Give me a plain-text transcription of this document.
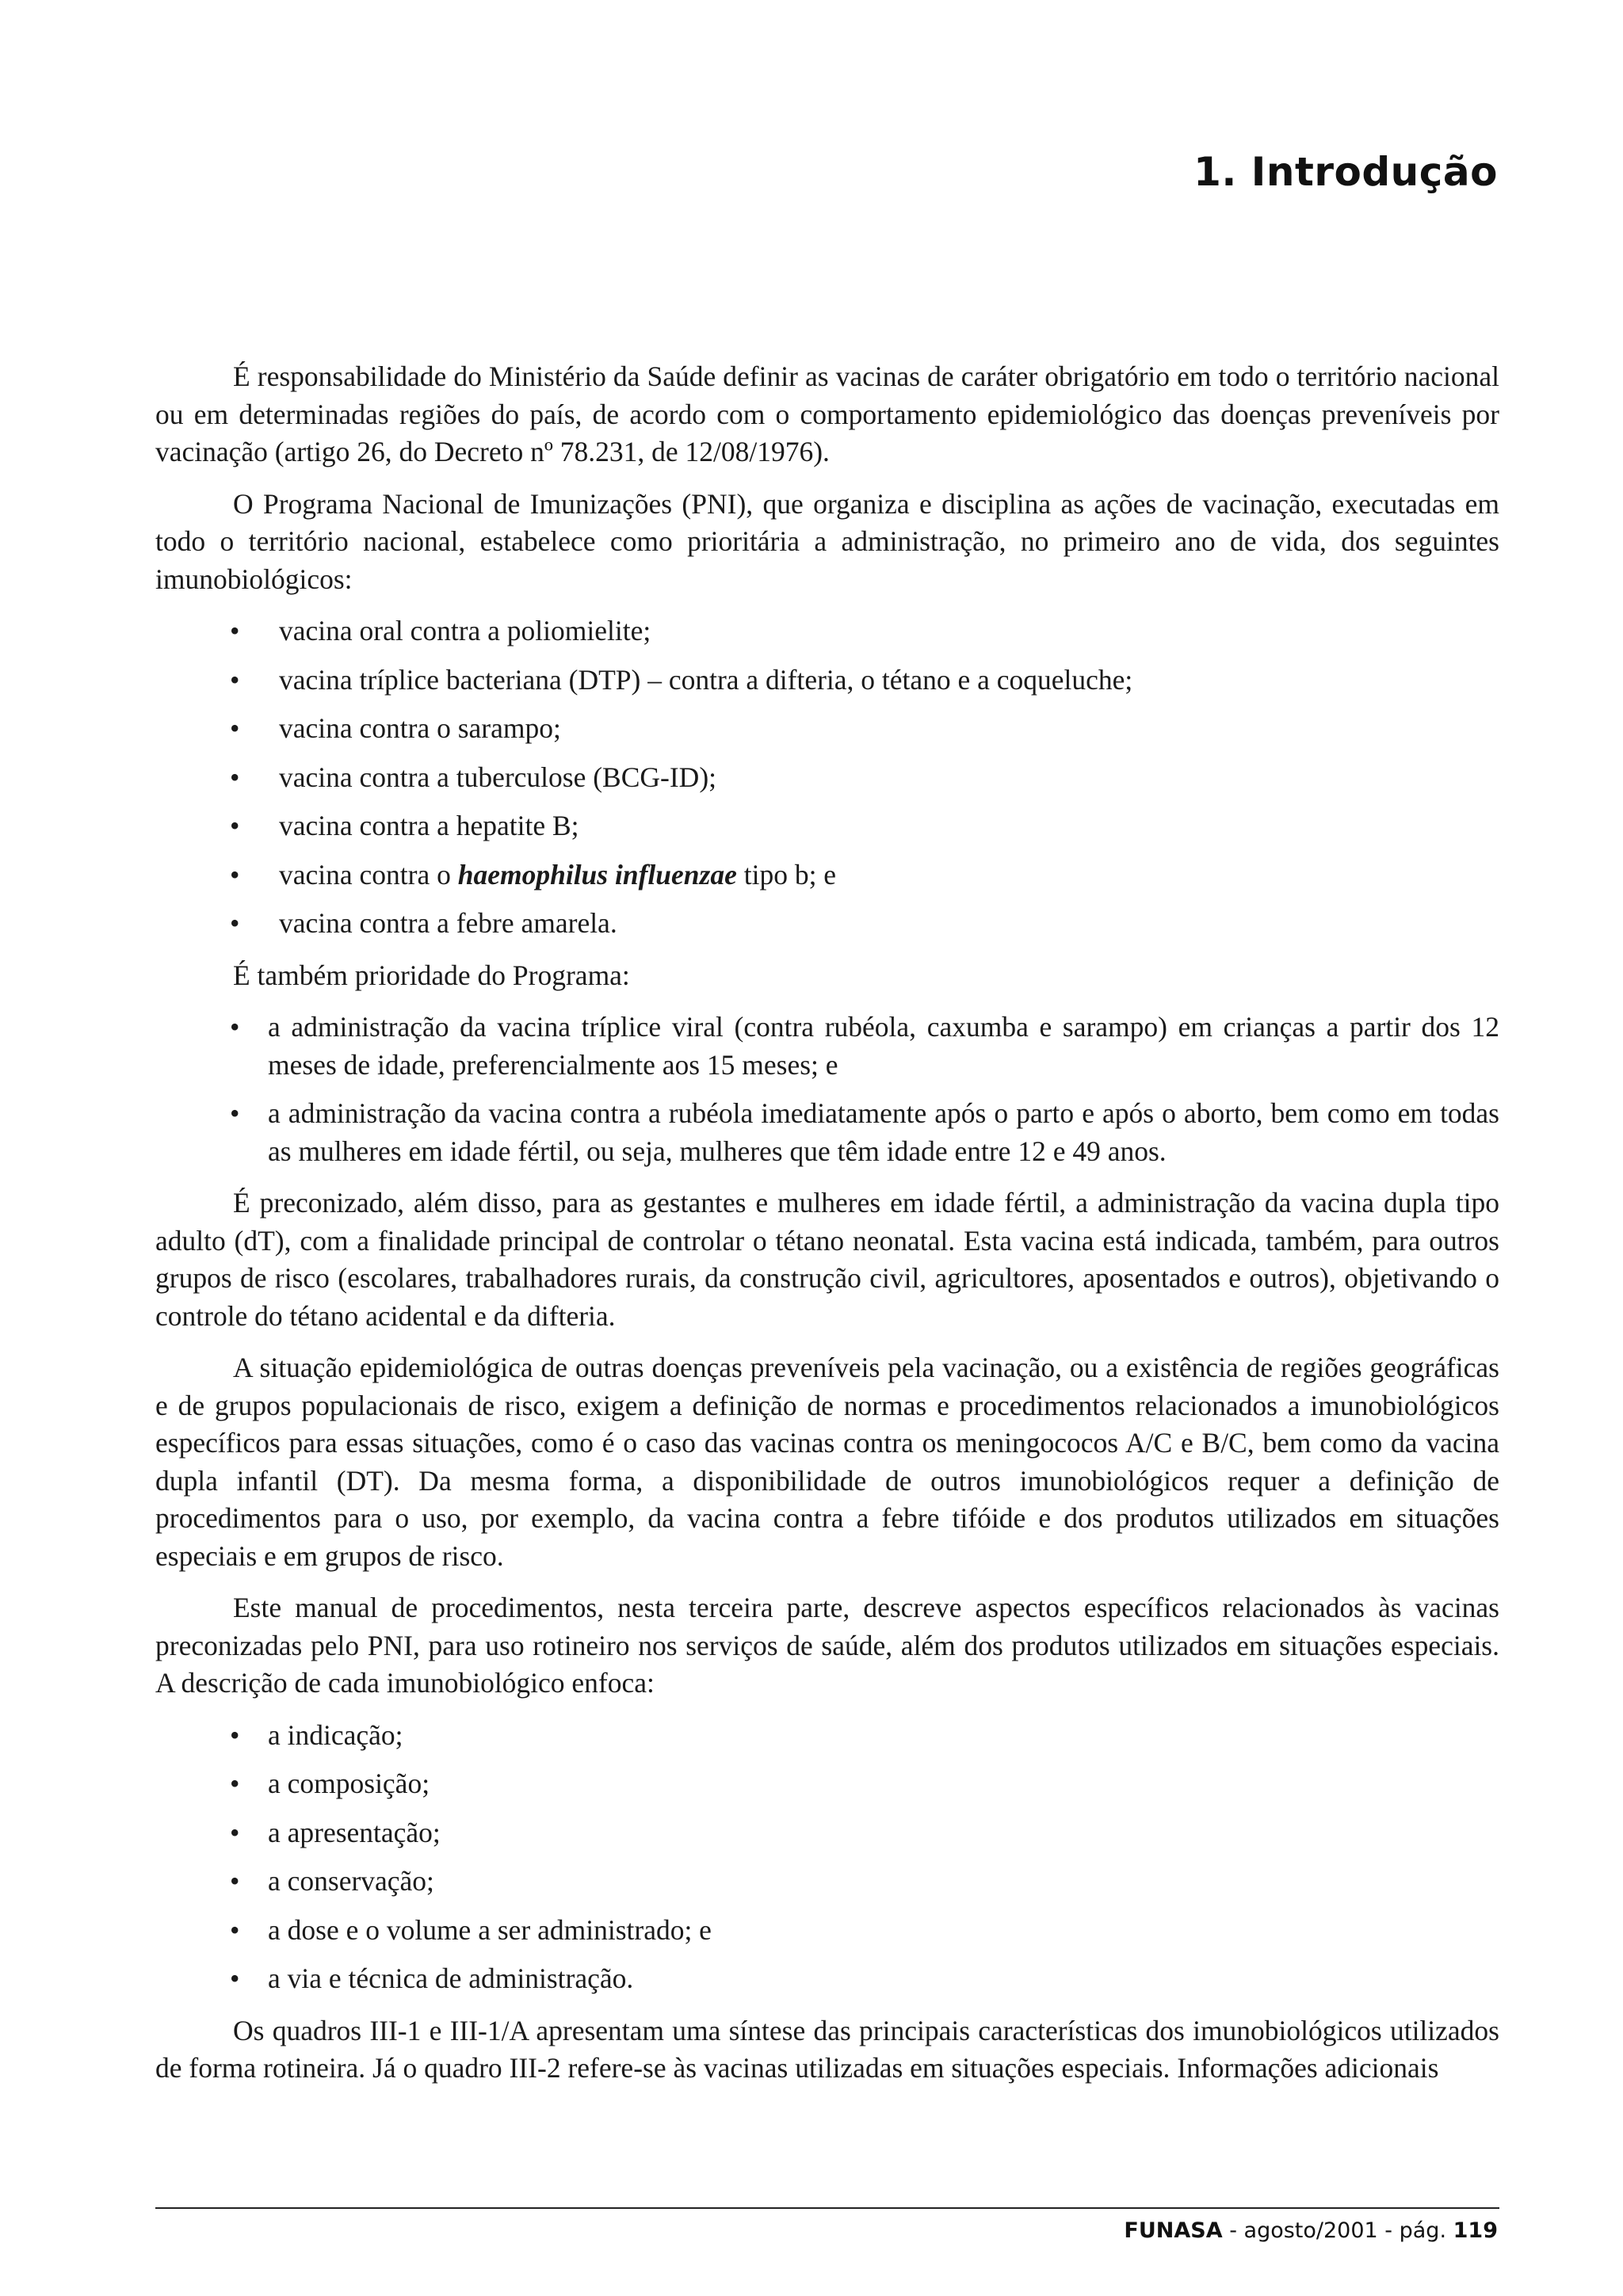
1. Introdução

É responsabilidade do Ministério da Saúde definir as vacinas de caráter obrigatório em todo o território nacional ou em determinadas regiões do país, de acordo com o comportamento epidemiológico das doenças preveníveis por vacinação (artigo 26, do Decreto nº 78.231, de 12/08/1976).

O Programa Nacional de Imunizações (PNI), que organiza e disciplina as ações de vacinação, executadas em todo o território nacional, estabelece como prioritária a administração, no primeiro ano de vida, dos seguintes imunobiológicos:

• vacina oral contra a poliomielite;
• vacina tríplice bacteriana (DTP) – contra a difteria, o tétano e a coqueluche;
• vacina contra o sarampo;
• vacina contra a tuberculose (BCG-ID);
• vacina contra a hepatite B;
• vacina contra o haemophilus influenzae tipo b; e
• vacina contra a febre amarela.

É também prioridade do Programa:

• a administração da vacina tríplice viral (contra rubéola, caxumba e sarampo) em crianças a partir dos 12 meses de idade, preferencialmente aos 15 meses; e
• a administração da vacina contra a rubéola imediatamente após o parto e após o aborto, bem como em todas as mulheres em idade fértil, ou seja, mulheres que têm idade entre 12 e 49 anos.

É preconizado, além disso, para as gestantes e mulheres em idade fértil, a administração da vacina dupla tipo adulto (dT), com a finalidade principal de controlar o tétano neonatal. Esta vacina está indicada, também, para outros grupos de risco (escolares, trabalhadores rurais, da construção civil, agricultores, aposentados e outros), objetivando o controle do tétano acidental e da difteria.

A situação epidemiológica de outras doenças preveníveis pela vacinação, ou a existência de regiões geográficas e de grupos populacionais de risco, exigem a definição de normas e procedimentos relacionados a imunobiológicos específicos para essas situações, como é o caso das vacinas contra os meningococos A/C e B/C, bem como da vacina dupla infantil (DT). Da mesma forma, a disponibilidade de outros imunobiológicos requer a definição de procedimentos para o uso, por exemplo, da vacina contra a febre tifóide e dos produtos utilizados em situações especiais e em grupos de risco.

Este manual de procedimentos, nesta terceira parte, descreve aspectos específicos relacionados às vacinas preconizadas pelo PNI, para uso rotineiro nos serviços de saúde, além dos produtos utilizados em situações especiais. A descrição de cada imunobiológico enfoca:

• a indicação;
• a composição;
• a apresentação;
• a conservação;
• a dose e o volume a ser administrado; e
• a via e técnica de administração.

Os quadros III-1 e III-1/A apresentam uma síntese das principais características dos imunobiológicos utilizados de forma rotineira. Já o quadro III-2 refere-se às vacinas utilizadas em situações especiais. Informações adicionais

FUNASA - agosto/2001 - pág. 119
